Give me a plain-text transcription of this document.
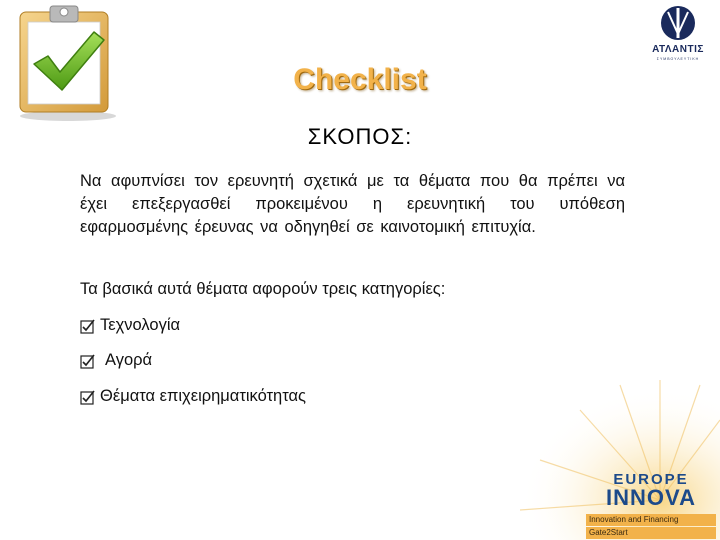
ΑΤΛΑΝΤΙΣ
ΣΥΜΒΟΥΛΕΥΤΙΚΗ
Checklist
ΣΚΟΠΟΣ:

Να αφυπνίσει τον ερευνητή σχετικά με τα θέματα που θα πρέπει να έχει επεξεργασθεί προκειμένου η ερευνητική του υπόθεση εφαρμοσμένης έρευνας να οδηγηθεί σε καινοτομική επιτυχία.

Τα βασικά αυτά θέματα αφορούν τρεις κατηγορίες:

Τεχνολογία
Αγορά
Θέματα επιχειρηματικότητας
EUROPE
INNOVA
Innovation and Financing
Gate2Start
